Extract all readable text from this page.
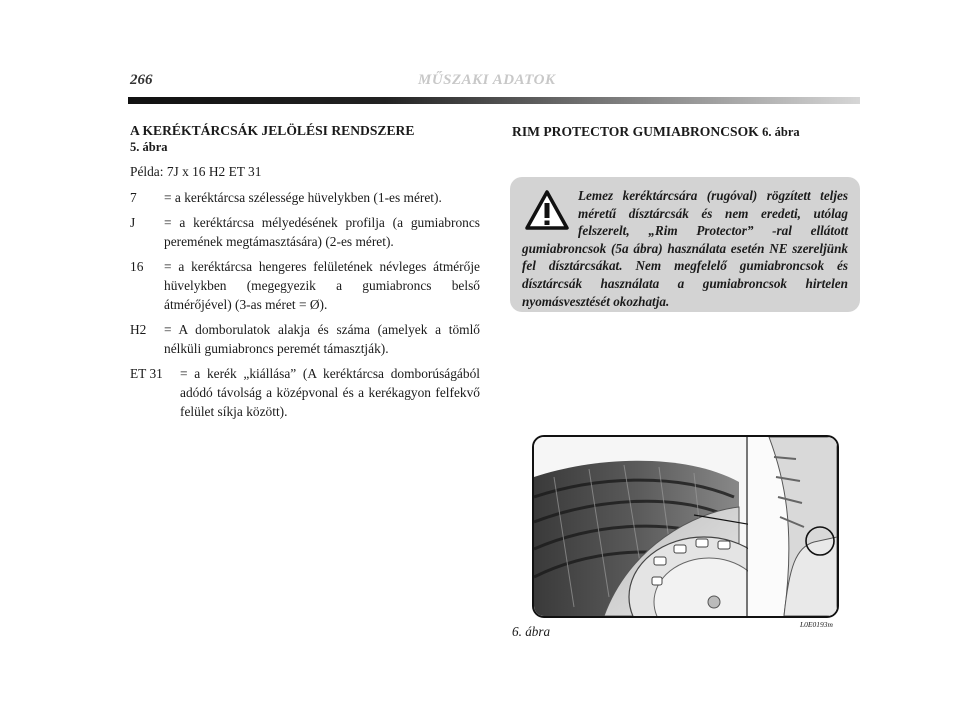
266	MŰSZAKI ADATOK
A KERÉKTÁRCSÁK JELÖLÉSI RENDSZERE
5. ábra
Példa: 7J x 16 H2 ET 31
7	= a keréktárcsa szélessége hüvelykben (1-es méret).
J	= a keréktárcsa mélyedésének profilja (a gumiabroncs peremének megtámasztására) (2-es méret).
16	= a keréktárcsa hengeres felületének névleges átmérője hüvelykben (megegyezik a gumiabroncs belső átmérőjével) (3-as méret = Ø).
H2	= A domborulatok alakja és száma (amelyek a tömlő nélküli gumiabroncs peremét támasztják).
ET 31	= a kerék „kiállása” (A keréktárcsa domborúságából adódó távolság a középvonal és a kerékagyon felfekvő felület síkja között).
RIM PROTECTOR GUMIABRONCSOK 6. ábra
Lemez keréktárcsára (rugóval) rögzített teljes méretű dísztárcsák és nem eredeti, utólag felszerelt, „Rim Protector” -ral ellátott gumiabroncsok (5a ábra) használata esetén NE szereljünk fel dísztárcsákat. Nem megfelelő gumiabroncsok és dísztárcsák használata a gumiabroncsok hirtelen nyomásvesztését okozhatja.
6. ábra	L0E0193m
